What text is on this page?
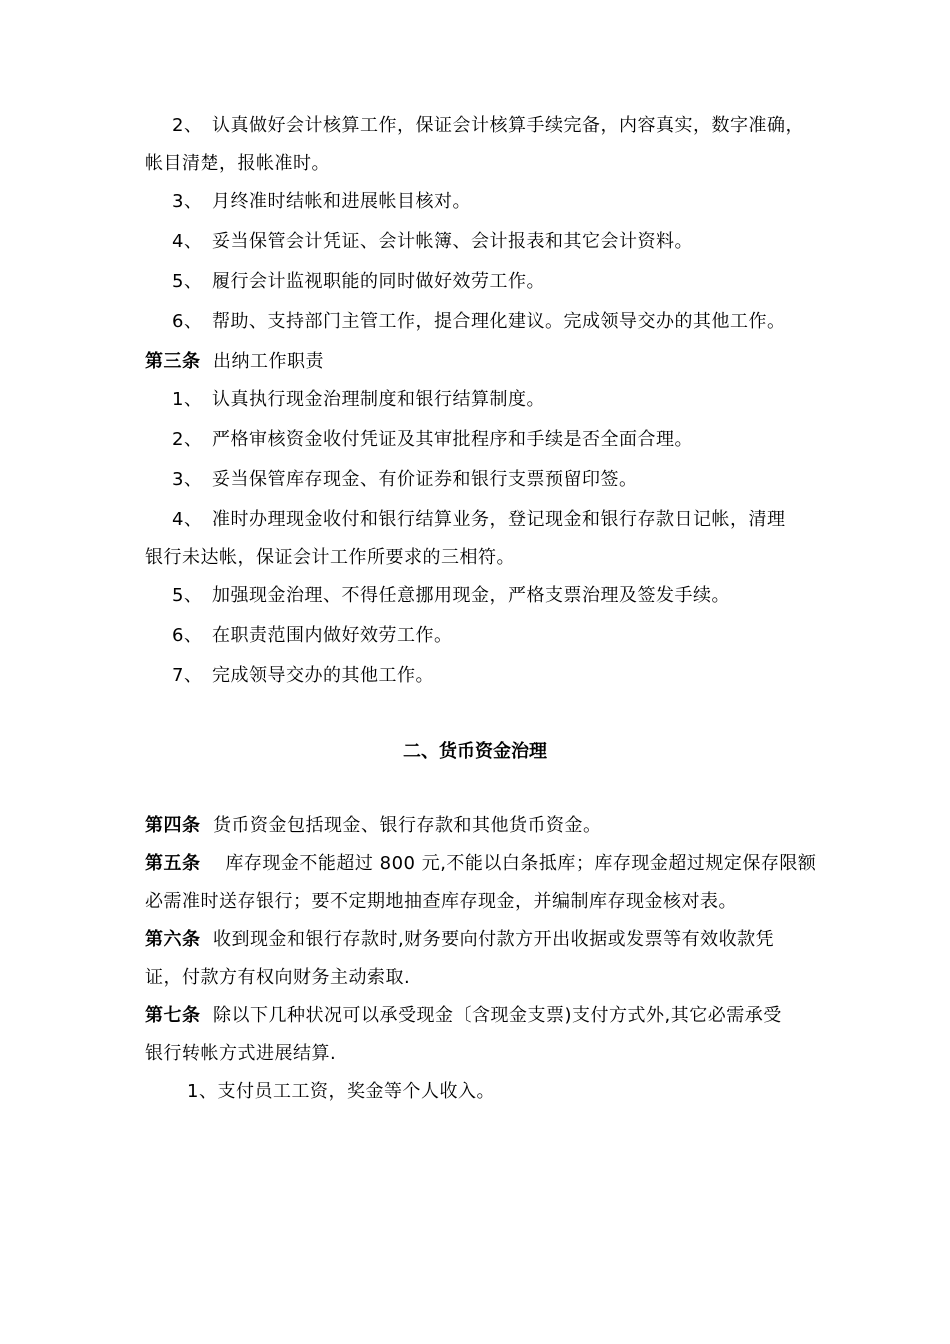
2、 认真做好会计核算工作，保证会计核算手续完备，内容真实，数字准确，
帐目清楚，报帐准时。
3、 月终准时结帐和进展帐目核对。
4、 妥当保管会计凭证、会计帐簿、会计报表和其它会计资料。
5、 履行会计监视职能的同时做好效劳工作。
6、 帮助、支持部门主管工作，提合理化建议。完成领导交办的其他工作。
第三条 出纳工作职责
1、 认真执行现金治理制度和银行结算制度。
2、 严格审核资金收付凭证及其审批程序和手续是否全面合理。
3、 妥当保管库存现金、有价证券和银行支票预留印签。
4、 准时办理现金收付和银行结算业务，登记现金和银行存款日记帐，清理
银行未达帐，保证会计工作所要求的三相符。
5、 加强现金治理、不得任意挪用现金，严格支票治理及签发手续。
6、 在职责范围内做好效劳工作。
7、 完成领导交办的其他工作。
二、货币资金治理
第四条 货币资金包括现金、银行存款和其他货币资金。
第五条 库存现金不能超过 800 元,不能以白条抵库；库存现金超过规定保存限额
必需准时送存银行；要不定期地抽查库存现金，并编制库存现金核对表。
第六条 收到现金和银行存款时,财务要向付款方开出收据或发票等有效收款凭
证，付款方有权向财务主动索取.
第七条 除以下几种状况可以承受现金〔含现金支票)支付方式外,其它必需承受
银行转帐方式进展结算.
1、支付员工工资，奖金等个人收入。
